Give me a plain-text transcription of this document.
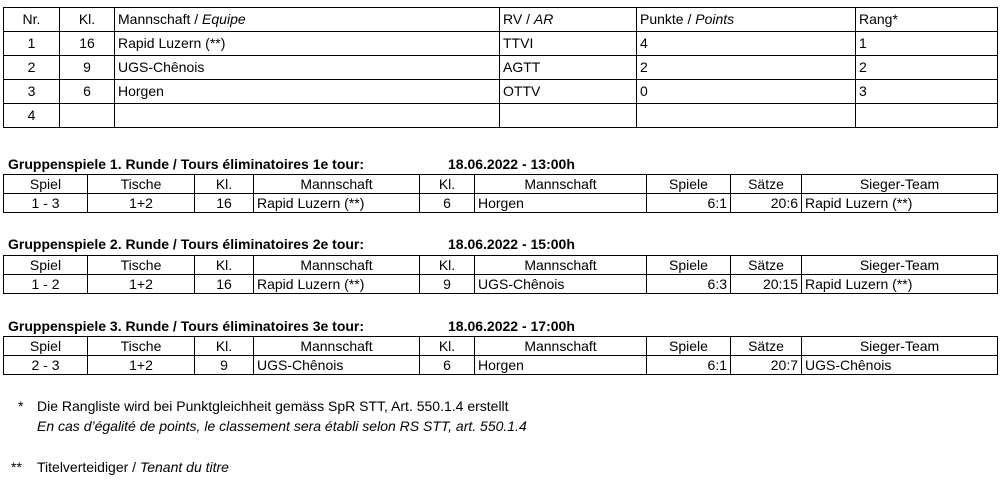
Nr.	Kl.	Mannschaft / Equipe	RV / AR	Punkte / Points	Rang*
1	16	Rapid Luzern (**)	TTVI	4	1
2	9	UGS-Chênois	AGTT	2	2
3	6	Horgen	OTTV	0	3
4					
Gruppenspiele 1. Runde / Tours éliminatoires 1e tour:	18.06.2022 - 13:00h
Spiel	Tische	Kl.	Mannschaft	Kl.	Mannschaft	Spiele	Sätze	Sieger-Team
1 - 3	1+2	16	Rapid Luzern (**)	6	Horgen	6:1	20:6	Rapid Luzern (**)
Gruppenspiele 2. Runde / Tours éliminatoires 2e tour:	18.06.2022 - 15:00h
Spiel	Tische	Kl.	Mannschaft	Kl.	Mannschaft	Spiele	Sätze	Sieger-Team
1 - 2	1+2	16	Rapid Luzern (**)	9	UGS-Chênois	6:3	20:15	Rapid Luzern (**)
Gruppenspiele 3. Runde / Tours éliminatoires 3e tour:	18.06.2022 - 17:00h
Spiel	Tische	Kl.	Mannschaft	Kl.	Mannschaft	Spiele	Sätze	Sieger-Team
2 - 3	1+2	9	UGS-Chênois	6	Horgen	6:1	20:7	UGS-Chênois
* Die Rangliste wird bei Punktgleichheit gemäss SpR STT, Art. 550.1.4 erstellt
En cas d’égalité de points, le classement sera établi selon RS STT, art. 550.1.4
** Titelverteidiger / Tenant du titre
